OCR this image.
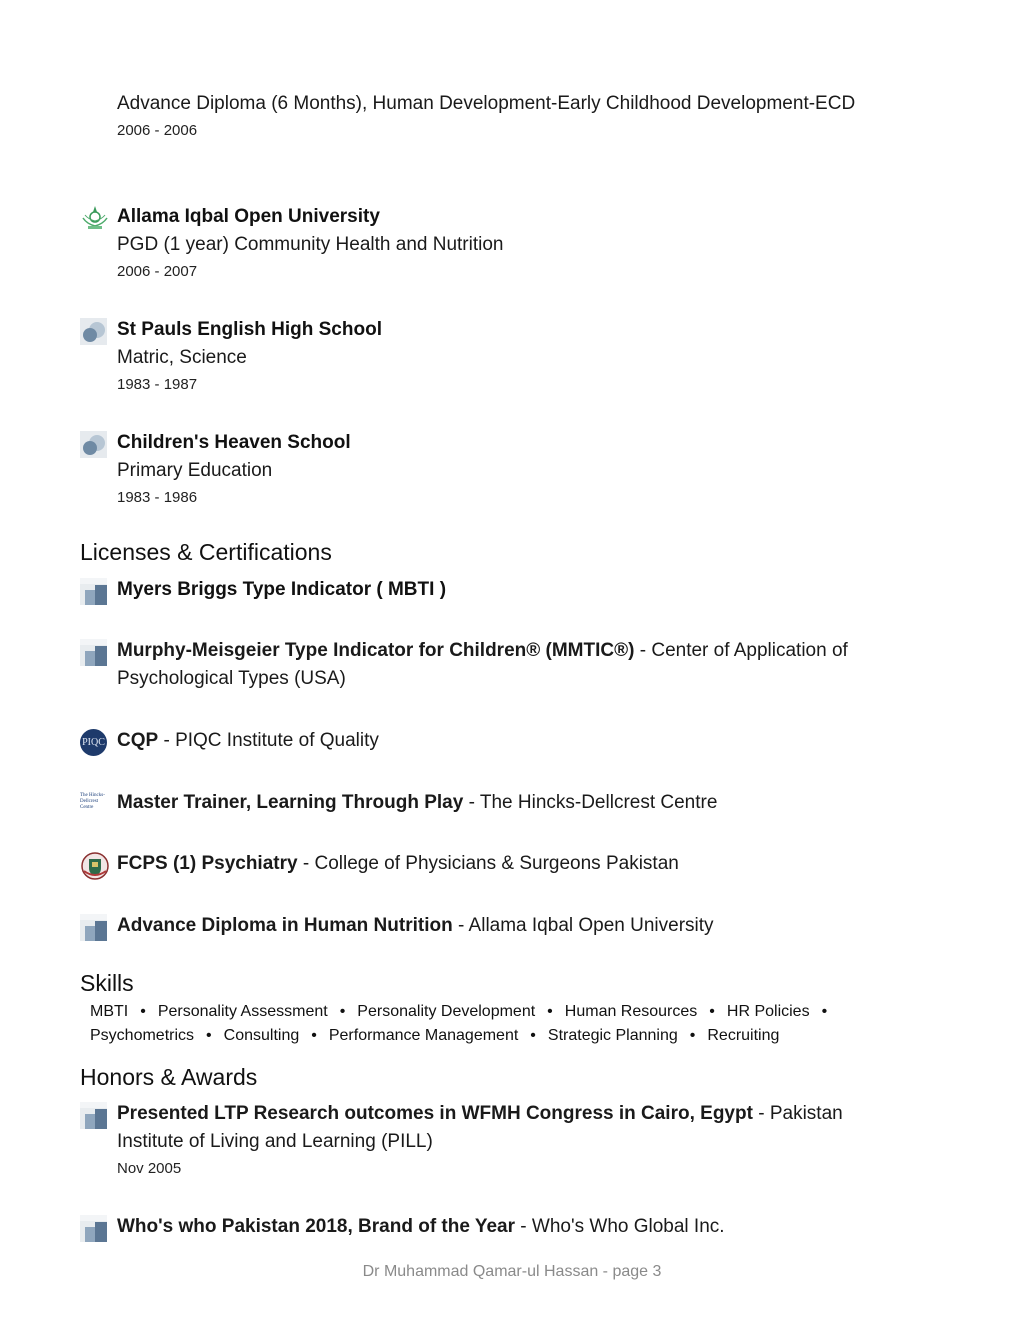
Advance Diploma (6 Months), Human Development-Early Childhood Development-ECD
2006 - 2006
Allama Iqbal Open University
PGD (1 year) Community Health and Nutrition
2006 - 2007
St Pauls English High School
Matric, Science
1983 - 1987
Children's Heaven School
Primary Education
1983 - 1986
Licenses & Certifications
Myers Briggs Type Indicator ( MBTI )
Murphy-Meisgeier Type Indicator for Children® (MMTIC®) - Center of Application of Psychological Types (USA)
PIQC CQP - PIQC Institute of Quality
The Hincks-Dellcrest Centre	Master Trainer, Learning Through Play - The Hincks-Dellcrest Centre
FCPS (1) Psychiatry - College of Physicians & Surgeons Pakistan
Advance Diploma in Human Nutrition - Allama Iqbal Open University
Skills
MBTI • Personality Assessment • Personality Development • Human Resources • HR Policies •
Psychometrics • Consulting • Performance Management • Strategic Planning • Recruiting
Honors & Awards
Presented LTP Research outcomes in WFMH Congress in Cairo, Egypt - Pakistan Institute of Living and Learning (PILL)
Nov 2005
Who's who Pakistan 2018, Brand of the Year - Who's Who Global Inc.
Dr Muhammad Qamar-ul Hassan - page 3
